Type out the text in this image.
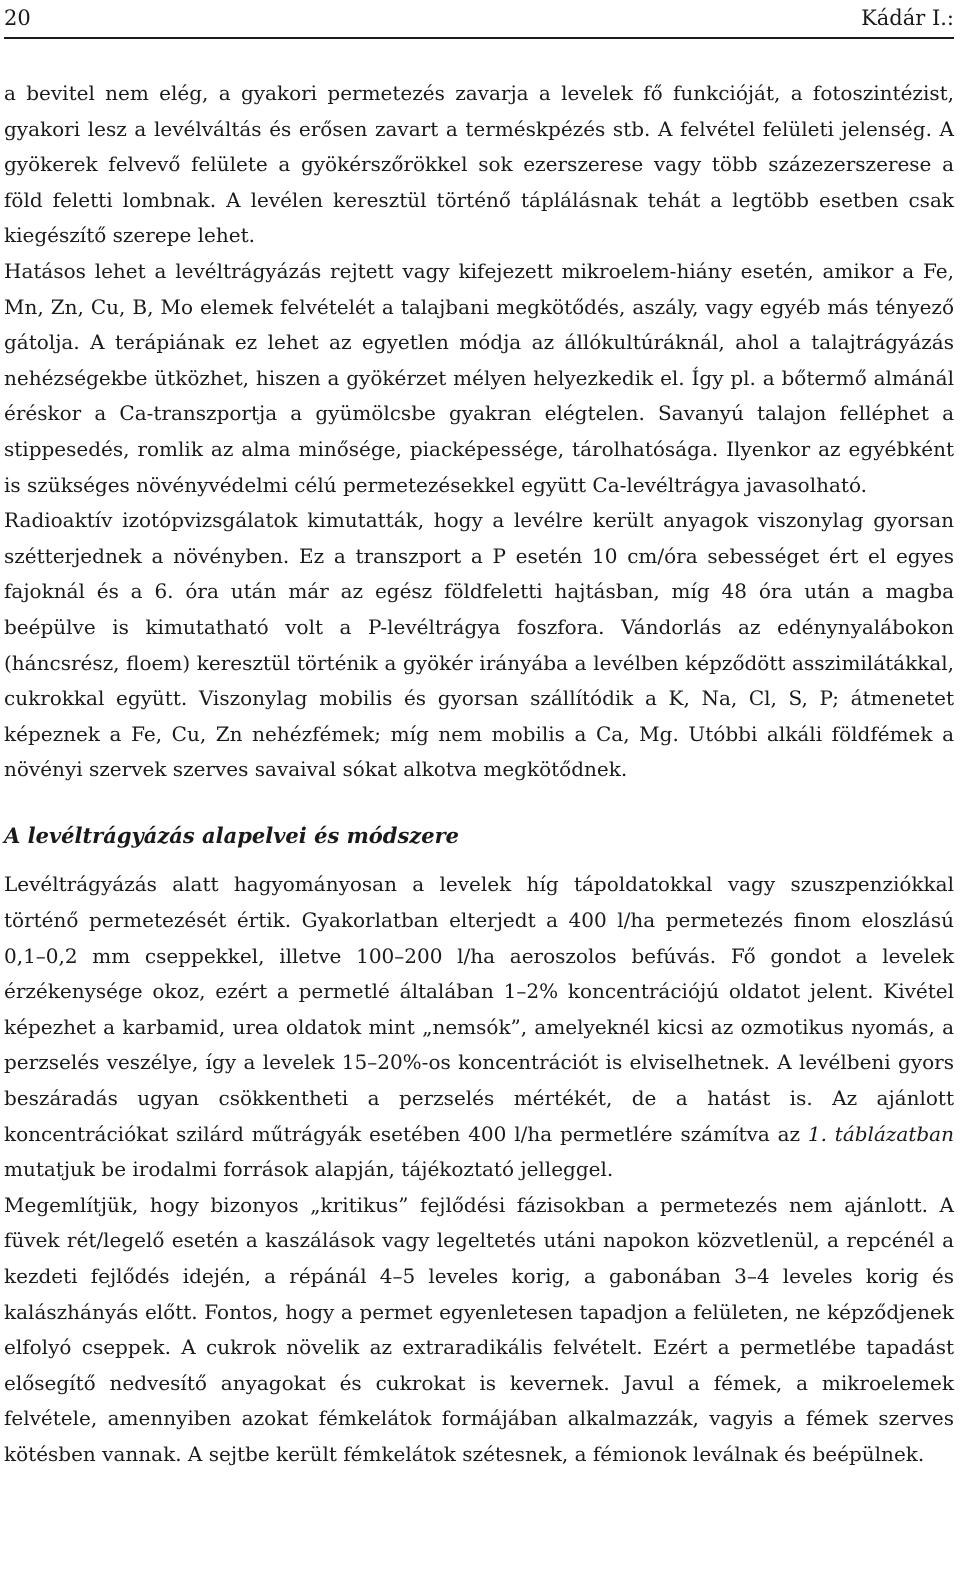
20	Kádár I.:

a bevitel nem elég, a gyakori permetezés zavarja a levelek fő funkcióját, a fotoszintézist, gyakori lesz a levélváltás és erősen zavart a terméskpézés stb. A felvétel felületi jelenség. A gyökerek felvevő felülete a gyökérszőrökkel sok ezerszerese vagy több százezerszerese a föld feletti lombnak. A levélen keresztül történő táplálásnak tehát a legtöbb esetben csak kiegészítő szerepe lehet.

Hatásos lehet a levéltrágyázás rejtett vagy kifejezett mikroelem-hiány esetén, amikor a Fe, Mn, Zn, Cu, B, Mo elemek felvételét a talajbani megkötődés, aszály, vagy egyéb más tényező gátolja. A terápiának ez lehet az egyetlen módja az állókultúráknál, ahol a talajtrágyázás nehézségekbe ütközhet, hiszen a gyökérzet mélyen helyezkedik el. Így pl. a bőtermő almánál éréskor a Ca-transzportja a gyümölcsbe gyakran elégtelen. Savanyú talajon felléphet a stippesedés, romlik az alma minősége, piacképessége, tárolhatósága. Ilyenkor az egyébként is szükséges növényvédelmi célú permetezésekkel együtt Ca-levéltrágya javasolható.

Radioaktív izotópvizsgálatok kimutatták, hogy a levélre került anyagok viszonylag gyorsan szétterjednek a növényben. Ez a transzport a P esetén 10 cm/óra sebességet ért el egyes fajoknál és a 6. óra után már az egész földfeletti hajtásban, míg 48 óra után a magba beépülve is kimutatható volt a P-levéltrágya foszfora. Vándorlás az edénynyalábokon (háncsrész, floem) keresztül történik a gyökér irányába a levélben képződött asszimilátákkal, cukrokkal együtt. Viszonylag mobilis és gyorsan szállítódik a K, Na, Cl, S, P; átmenetet képeznek a Fe, Cu, Zn nehézfémek; míg nem mobilis a Ca, Mg. Utóbbi alkáli földfémek a növényi szervek szerves savaival sókat alkotva megkötődnek.

A levéltrágyázás alapelvei és módszere

Levéltrágyázás alatt hagyományosan a levelek híg tápoldatokkal vagy szuszpenziókkal történő permetezését értik. Gyakorlatban elterjedt a 400 l/ha permetezés finom eloszlású 0,1–0,2 mm cseppekkel, illetve 100–200 l/ha aeroszolos befúvás. Fő gondot a levelek érzékenysége okoz, ezért a permetlé általában 1–2% koncentrációjú oldatot jelent. Kivétel képezhet a karbamid, urea oldatok mint „nemsók”, amelyeknél kicsi az ozmotikus nyomás, a perzselés veszélye, így a levelek 15–20%-os koncentrációt is elviselhetnek. A levélbeni gyors beszáradás ugyan csökkentheti a perzselés mértékét, de a hatást is. Az ajánlott koncentrációkat szilárd műtrágyák esetében 400 l/ha permetlére számítva az 1. táblázatban mutatjuk be irodalmi források alapján, tájékoztató jelleggel.

Megemlítjük, hogy bizonyos „kritikus” fejlődési fázisokban a permetezés nem ajánlott. A füvek rét/legelő esetén a kaszálások vagy legeltetés utáni napokon közvetlenül, a repcénél a kezdeti fejlődés idején, a répánál 4–5 leveles korig, a gabonában 3–4 leveles korig és kalászhányás előtt. Fontos, hogy a permet egyenletesen tapadjon a felületen, ne képződjenek elfolyó cseppek. A cukrok növelik az extraradikális felvételt. Ezért a permetlébe tapadást elősegítő nedvesítő anyagokat és cukrokat is kevernek. Javul a fémek, a mikroelemek felvétele, amennyiben azokat fémkelátok formájában alkalmazzák, vagyis a fémek szerves kötésben vannak. A sejtbe került fémkelátok szétesnek, a fémionok leválnak és beépülnek.
